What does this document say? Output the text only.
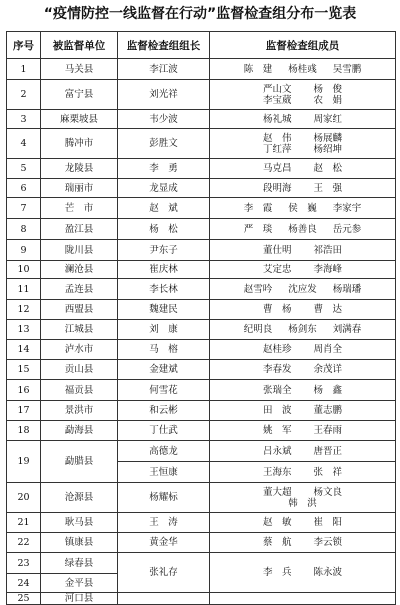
“疫情防控一线监督在行动”监督检查组分布一览表
序号	被监督单位	监督检查组组长	监督检查组成员
1	马关县	李江波	陈　建 杨桂彧 吴雪鹏

2	富宁县	刘光祥	严山文 杨　俊
李宝葳 农　娟

3	麻栗坡县	韦少波	杨礼城 周家红

4	腾冲市	彭胜文	赵　伟 杨展麟
丁红萍 杨绍坤

5	龙陵县	李　勇	马克昌 赵　松

6	瑞丽市	龙显成	段明海 王　强

7	芒　市	赵　斌	李　霞 侯　巍 李家宇

8	盈江县	杨　松	严　琰 杨善良 岳元参

9	陇川县	尹东子	董仕明 祁浩田

10	澜沧县	崔庆林	艾定忠 李海峰

11	孟连县	李长林	赵雪吟 沈应发 杨瑞璠

12	西盟县	魏建民	曹　杨 曹　达

13	江城县	刘　康	纪明良 杨剑东 刘满春

14	泸水市	马　榕	赵桂珍 周肖全

15	贡山县	金建斌	李春发 余茂详

16	福贡县	何雪花	张瑞全 杨　鑫

17	景洪市	和云彬	田　波 董志鹏

18	勐海县	丁仕武	姚　军 王春雨

19	勐腊县	高德龙	吕永斌 唐晋正

		王恒康	王海东 张　祥

20	沧源县	杨耀标	董大超 杨文良
韩　洪

21	耿马县	王　涛	赵　敏 崔　阳

22	镇康县	黄金华	蔡　航 李云锁

23	绿春县	张礼存	李　兵 陈永波

24	金平县		
25	河口县		
